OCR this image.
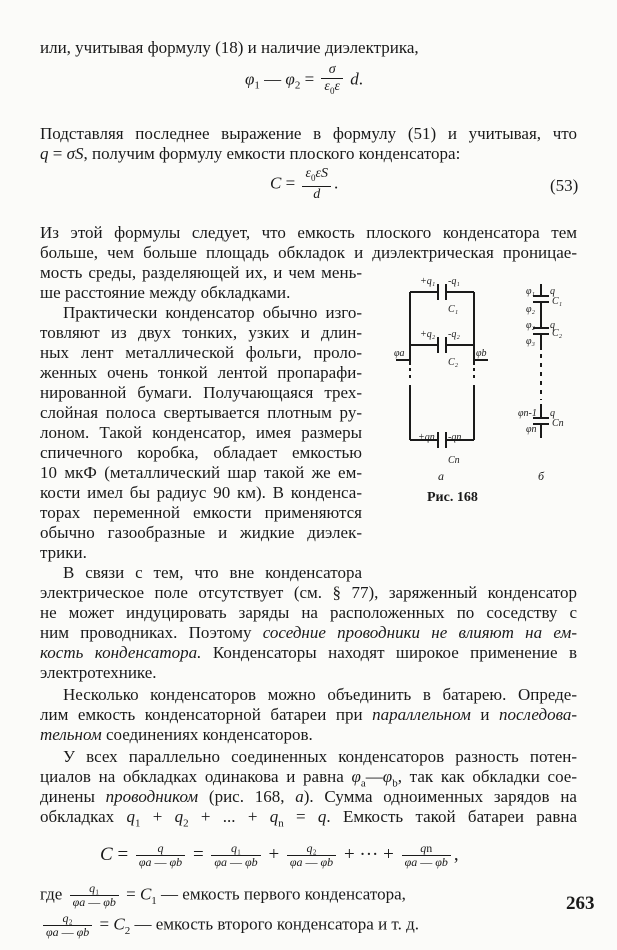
или, учитывая формулу (18) и наличие диэлектрика,
$\varphi_1$ — $\varphi_2 = \frac{\sigma}{\varepsilon_0\varepsilon} d$.
Подставляя последнее выражение в формулу (51) и учитывая, что
q = σS, получим формулу емкости плоского конденсатора:
$C = \frac{\varepsilon_0\varepsilon S}{d}$ .	(53)
Из этой формулы следует, что емкость плоского конденсатора тем
больше, чем больше площадь обкладок и диэлектрическая проницае-
мость среды, разделяющей их, и чем мень-
ше расстояние между обкладками.
Практически конденсатор обычно изго-
товляют из двух тонких, узких и длин-
ных лент металлической фольги, проло-
женных очень тонкой лентой пропарафи-
нированной бумаги. Получающаяся трех-
слойная полоса свертывается плотным ру-
лоном. Такой конденсатор, имея размеры
спичечного коробка, обладает емкостью
10 мкФ (металлический шар такой же ем-
кости имел бы радиус 90 км). В конденса-
торах переменной емкости применяются
обычно газообразные и жидкие диэлек-
трики.
В связи с тем, что вне конденсатора
+q₁ -q₁
C₁
+q₂ -q₂
C₂
φa	φb
+qn -qn
Cn
а
φ₁ q
φ₂
C₁
φ₂ q
φ₃
C₂
φn-1 q
φn
Cn
б
Рис. 168
электрическое поле отсутствует (см. § 77), заряженный конденсатор
не может индуцировать заряды на расположенных по соседству с
ним проводниках. Поэтому соседние проводники не влияют на ем-
кость конденсатора. Конденсаторы находят широкое применение в
электротехнике.
Несколько конденсаторов можно объединить в батарею. Опреде-
лим емкость конденсаторной батареи при параллельном и последова-
тельном соединениях конденсаторов.
У всех параллельно соединенных конденсаторов разность потен-
циалов на обкладках одинакова и равна $\varphi_a—\varphi_b$, так как обкладки сое-
динены проводником (рис. 168, а). Сумма одноименных зарядов на
обкладках $q_1 + q_2$ + ... + $q_n = q$. Емкость такой батареи равна
$C = \frac{q}{\varphi a — \varphi b} = \frac{\text{q₁}}{\varphi a — \varphi b} + \frac{\text{q₂}}{\varphi a — \varphi b}$ + ··· + $\frac{qn}{\varphi a — \varphi b}$ ,
где $\frac{\text{q₁}}{\varphi a — \varphi b} = C_1$ — емкость первого конденсатора,
$\frac{\text{q₂}}{\varphi a — \varphi b} = C_2$ — емкость второго конденсатора и т. д.
263
